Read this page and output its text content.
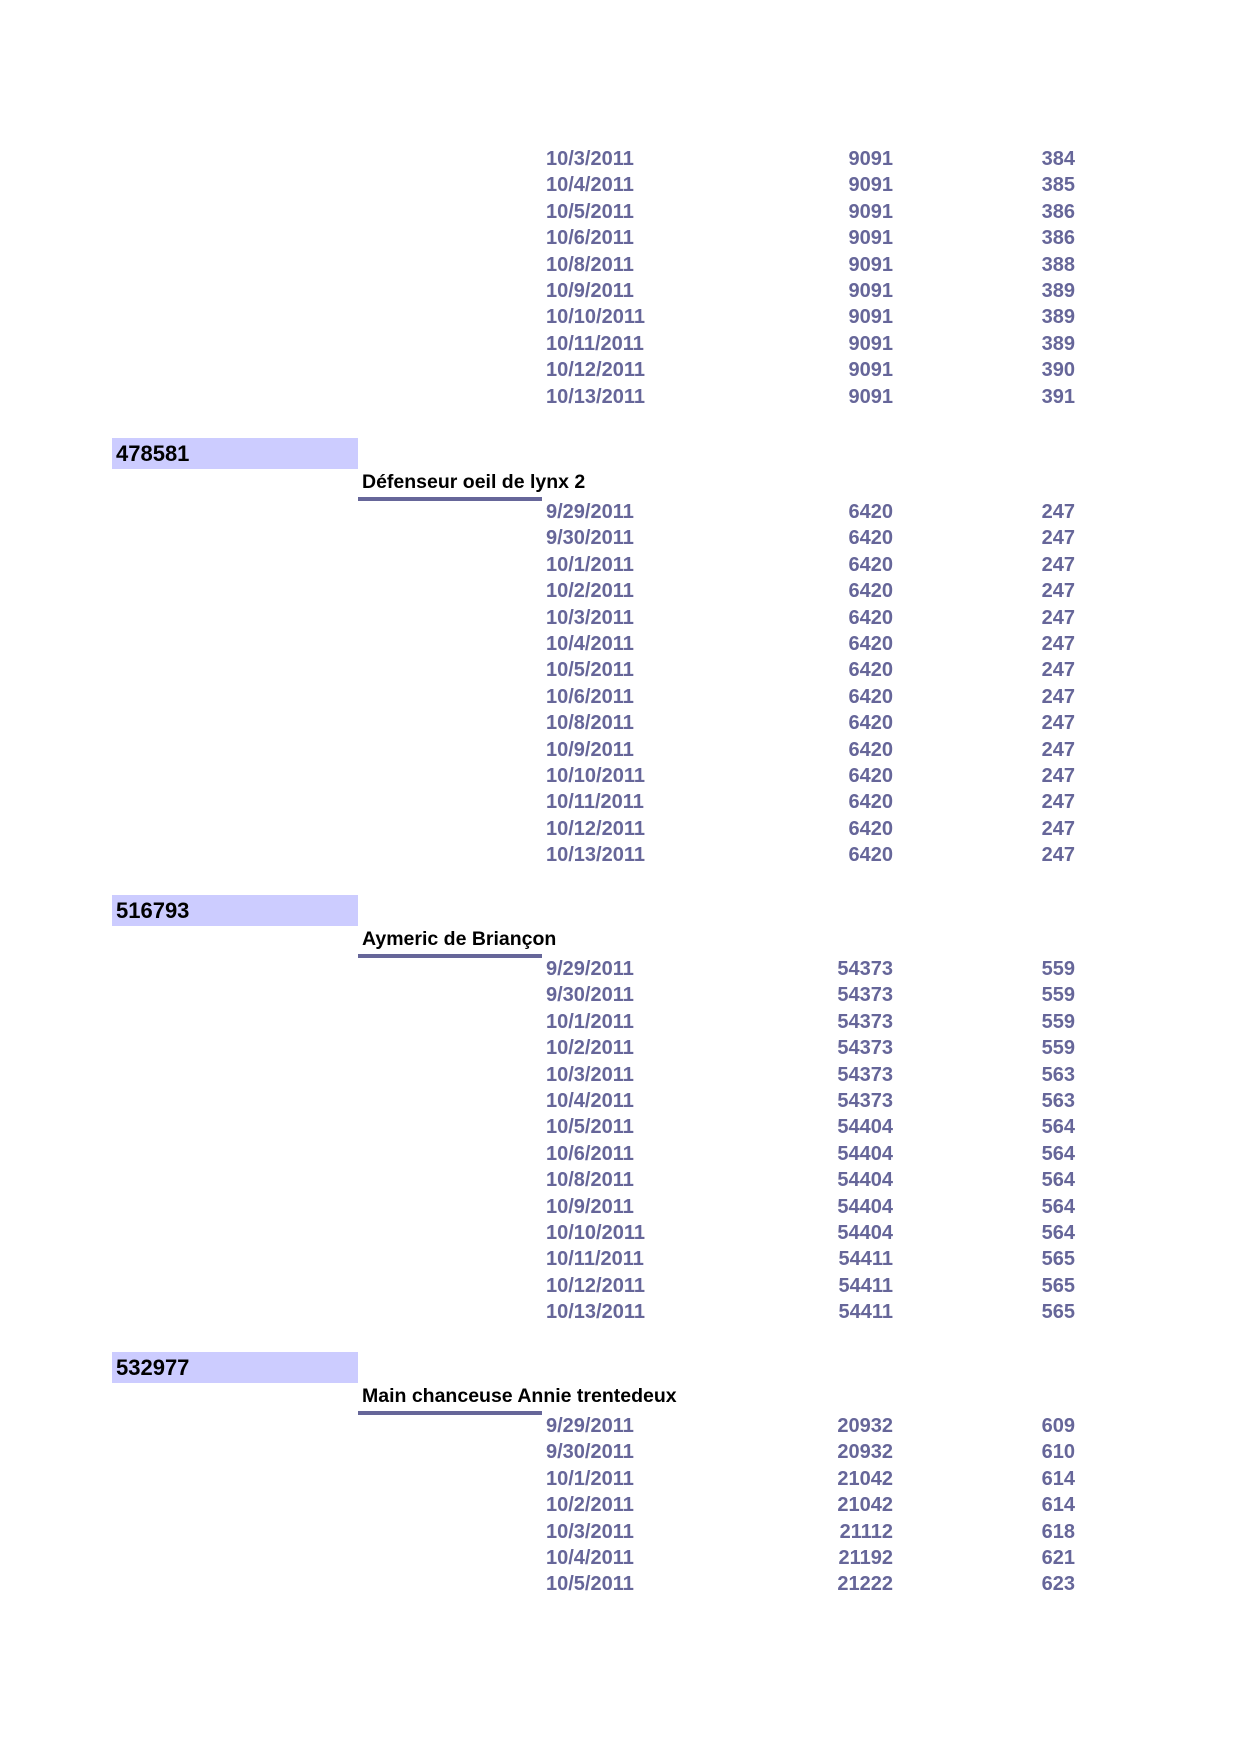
10/3/2011	9091	384
10/4/2011	9091	385
10/5/2011	9091	386
10/6/2011	9091	386
10/8/2011	9091	388
10/9/2011	9091	389
10/10/2011	9091	389
10/11/2011	9091	389
10/12/2011	9091	390
10/13/2011	9091	391
478581
Défenseur oeil de lynx 2
9/29/2011	6420	247
9/30/2011	6420	247
10/1/2011	6420	247
10/2/2011	6420	247
10/3/2011	6420	247
10/4/2011	6420	247
10/5/2011	6420	247
10/6/2011	6420	247
10/8/2011	6420	247
10/9/2011	6420	247
10/10/2011	6420	247
10/11/2011	6420	247
10/12/2011	6420	247
10/13/2011	6420	247
516793
Aymeric de Briançon
9/29/2011	54373	559
9/30/2011	54373	559
10/1/2011	54373	559
10/2/2011	54373	559
10/3/2011	54373	563
10/4/2011	54373	563
10/5/2011	54404	564
10/6/2011	54404	564
10/8/2011	54404	564
10/9/2011	54404	564
10/10/2011	54404	564
10/11/2011	54411	565
10/12/2011	54411	565
10/13/2011	54411	565
532977
Main chanceuse Annie trentedeux
9/29/2011	20932	609
9/30/2011	20932	610
10/1/2011	21042	614
10/2/2011	21042	614
10/3/2011	21112	618
10/4/2011	21192	621
10/5/2011	21222	623
